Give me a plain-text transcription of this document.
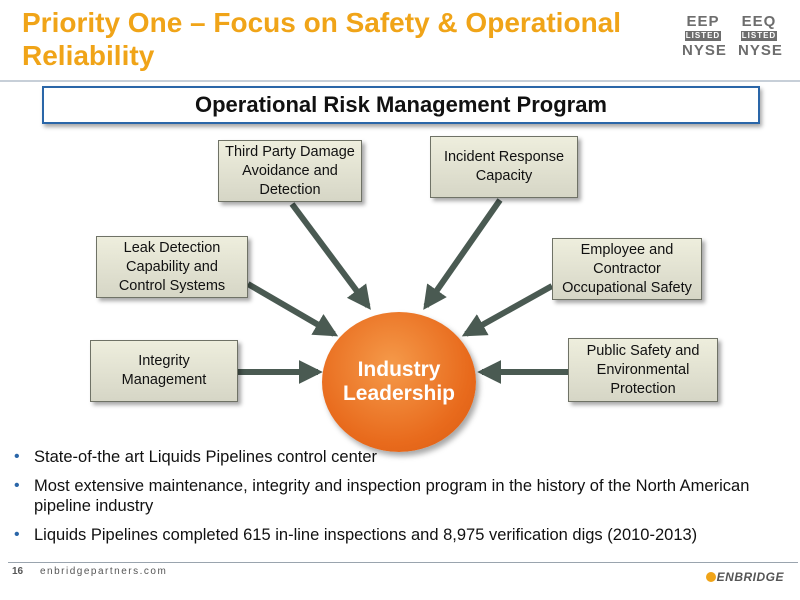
Priority One – Focus on Safety & Operational Reliability
EEP
LISTED
NYSE
EEQ
LISTED
NYSE
Operational Risk Management Program
Third Party Damage Avoidance and Detection
Incident Response Capacity
Leak Detection Capability and Control Systems
Employee and Contractor Occupational Safety
Integrity Management
Public Safety and Environmental Protection
Industry Leadership
• State-of-the art Liquids Pipelines control center
• Most extensive maintenance, integrity and inspection program in the history of the North American pipeline industry
• Liquids Pipelines completed 615 in-line inspections and 8,975 verification digs (2010-2013)
16 enbridgepartners.com	ENBRIDGE
